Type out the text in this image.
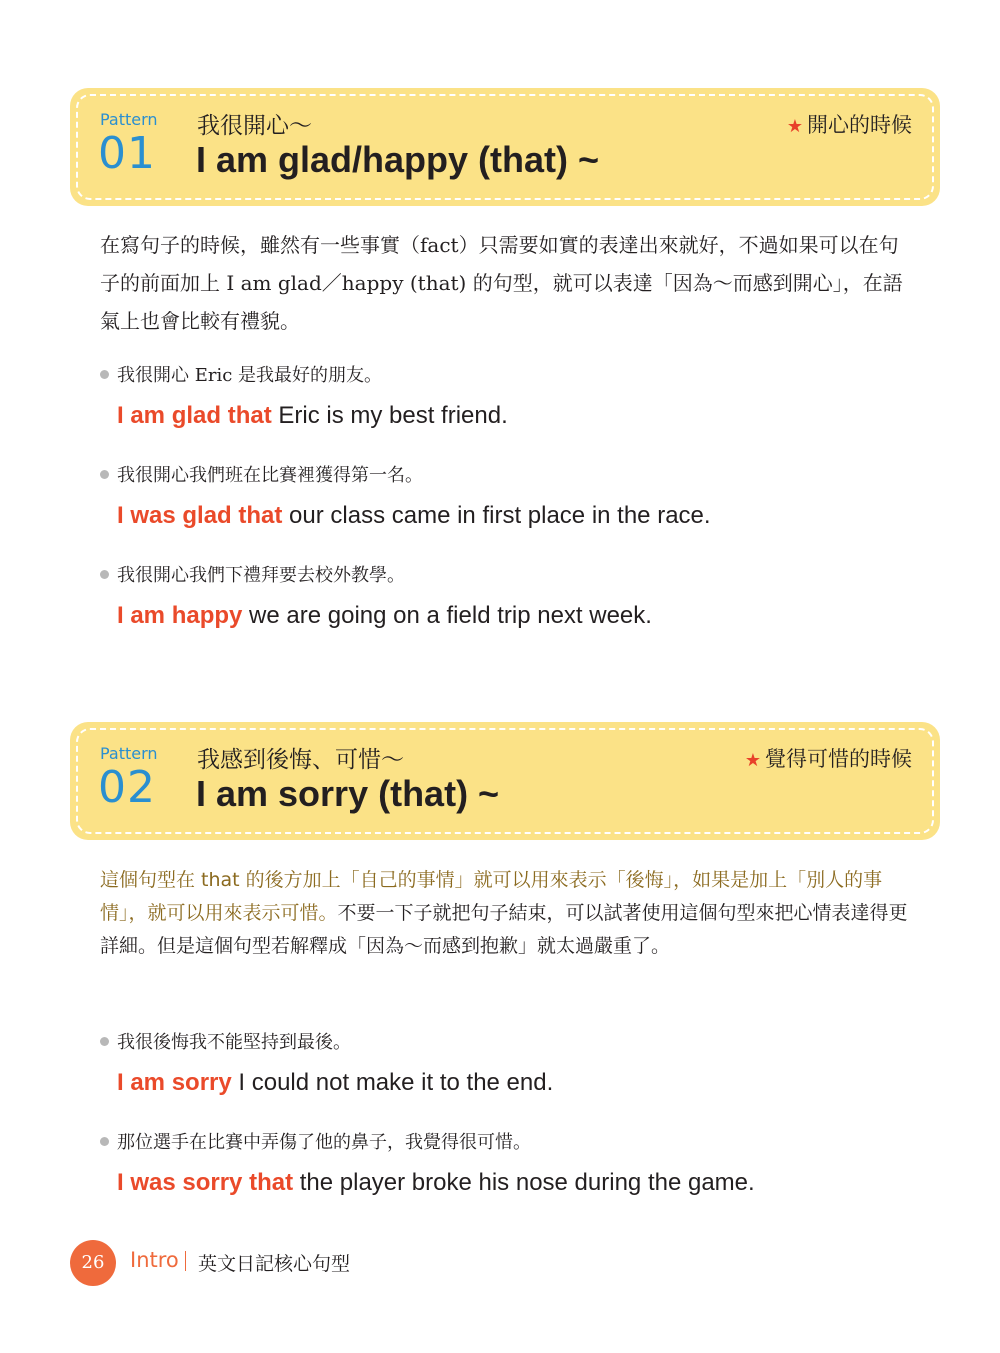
Pattern
01
我很開心～
I am glad/happy (that) ~
★ 開心的時候
在寫句子的時候，雖然有一些事實（fact）只需要如實的表達出來就好，不過如果可以在句子的前面加上 I am glad／happy (that) 的句型，就可以表達「因為～而感到開心」，在語氣上也會比較有禮貌。
我很開心 Eric 是我最好的朋友。
I am glad that Eric is my best friend.
我很開心我們班在比賽裡獲得第一名。
I was glad that our class came in first place in the race.
我很開心我們下禮拜要去校外教學。
I am happy we are going on a field trip next week.
Pattern
02
我感到後悔、可惜～
I am sorry (that) ~
★ 覺得可惜的時候
這個句型在 that 的後方加上「自己的事情」就可以用來表示「後悔」，如果是加上「別人的事情」，就可以用來表示可惜。不要一下子就把句子結束，可以試著使用這個句型來把心情表達得更詳細。但是這個句型若解釋成「因為～而感到抱歉」就太過嚴重了。
我很後悔我不能堅持到最後。
I am sorry I could not make it to the end.
那位選手在比賽中弄傷了他的鼻子，我覺得很可惜。
I was sorry that the player broke his nose during the game.
26	Intro 英文日記核心句型
